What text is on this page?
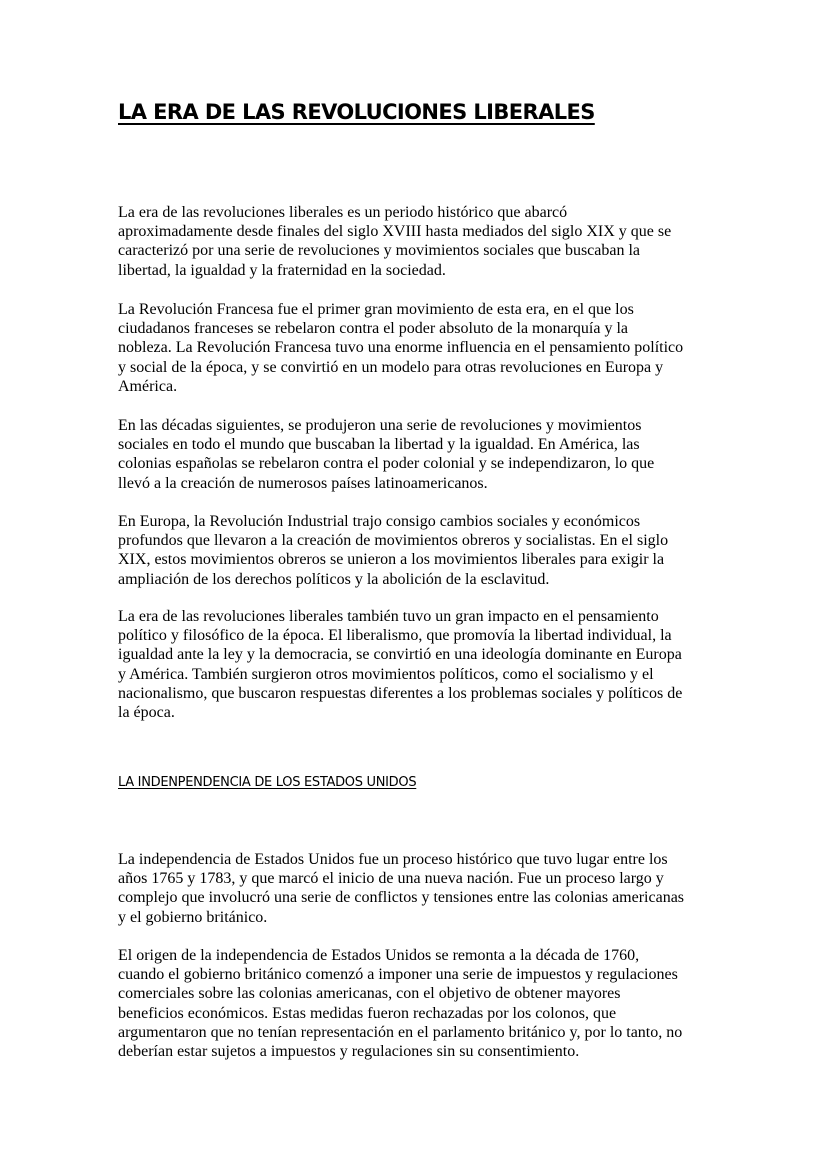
LA ERA DE LAS REVOLUCIONES LIBERALES

La era de las revoluciones liberales es un periodo histórico que abarcó
aproximadamente desde finales del siglo XVIII hasta mediados del siglo XIX y que se
caracterizó por una serie de revoluciones y movimientos sociales que buscaban la
libertad, la igualdad y la fraternidad en la sociedad.

La Revolución Francesa fue el primer gran movimiento de esta era, en el que los
ciudadanos franceses se rebelaron contra el poder absoluto de la monarquía y la
nobleza. La Revolución Francesa tuvo una enorme influencia en el pensamiento político
y social de la época, y se convirtió en un modelo para otras revoluciones en Europa y
América.

En las décadas siguientes, se produjeron una serie de revoluciones y movimientos
sociales en todo el mundo que buscaban la libertad y la igualdad. En América, las
colonias españolas se rebelaron contra el poder colonial y se independizaron, lo que
llevó a la creación de numerosos países latinoamericanos.

En Europa, la Revolución Industrial trajo consigo cambios sociales y económicos
profundos que llevaron a la creación de movimientos obreros y socialistas. En el siglo
XIX, estos movimientos obreros se unieron a los movimientos liberales para exigir la
ampliación de los derechos políticos y la abolición de la esclavitud.

La era de las revoluciones liberales también tuvo un gran impacto en el pensamiento
político y filosófico de la época. El liberalismo, que promovía la libertad individual, la
igualdad ante la ley y la democracia, se convirtió en una ideología dominante en Europa
y América. También surgieron otros movimientos políticos, como el socialismo y el
nacionalismo, que buscaron respuestas diferentes a los problemas sociales y políticos de
la época.

LA INDENPENDENCIA DE LOS ESTADOS UNIDOS

La independencia de Estados Unidos fue un proceso histórico que tuvo lugar entre los
años 1765 y 1783, y que marcó el inicio de una nueva nación. Fue un proceso largo y
complejo que involucró una serie de conflictos y tensiones entre las colonias americanas
y el gobierno británico.

El origen de la independencia de Estados Unidos se remonta a la década de 1760,
cuando el gobierno británico comenzó a imponer una serie de impuestos y regulaciones
comerciales sobre las colonias americanas, con el objetivo de obtener mayores
beneficios económicos. Estas medidas fueron rechazadas por los colonos, que
argumentaron que no tenían representación en el parlamento británico y, por lo tanto, no
deberían estar sujetos a impuestos y regulaciones sin su consentimiento.
